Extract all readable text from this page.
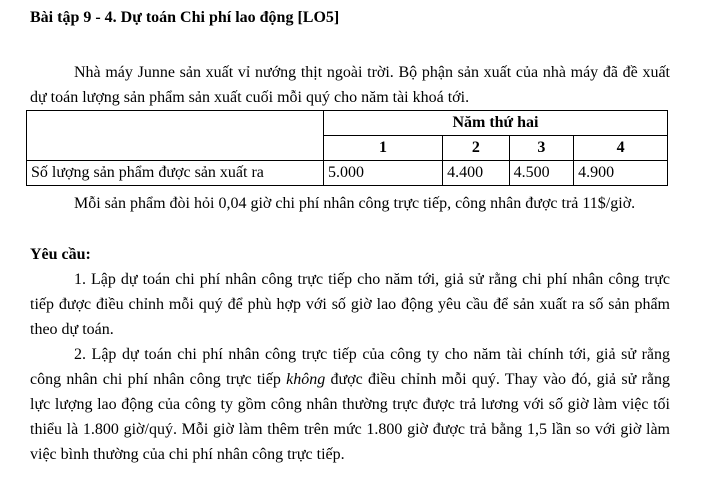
Bài tập 9 - 4. Dự toán Chi phí lao động [LO5]

Nhà máy Junne sản xuất vỉ nướng thịt ngoài trời. Bộ phận sản xuất của nhà máy đã đề xuất dự toán lượng sản phẩm sản xuất cuối mỗi quý cho năm tài khoá tới.

	Năm thứ hai			
	1	2	3	4
Số lượng sản phẩm được sản xuất ra	5.000	4.400	4.500	4.900

Mỗi sản phẩm đòi hỏi 0,04 giờ chi phí nhân công trực tiếp, công nhân được trả 11$/giờ.

Yêu cầu:

1. Lập dự toán chi phí nhân công trực tiếp cho năm tới, giả sử rằng chi phí nhân công trực tiếp được điều chỉnh mỗi quý để phù hợp với số giờ lao động yêu cầu để sản xuất ra số sản phẩm theo dự toán.

2. Lập dự toán chi phí nhân công trực tiếp của công ty cho năm tài chính tới, giả sử rằng công nhân chi phí nhân công trực tiếp không được điều chỉnh mỗi quý. Thay vào đó, giả sử rằng lực lượng lao động của công ty gồm công nhân thường trực được trả lương với số giờ làm việc tối thiểu là 1.800 giờ/quý. Mỗi giờ làm thêm trên mức 1.800 giờ được trả bằng 1,5 lần so với giờ làm việc bình thường của chi phí nhân công trực tiếp.
